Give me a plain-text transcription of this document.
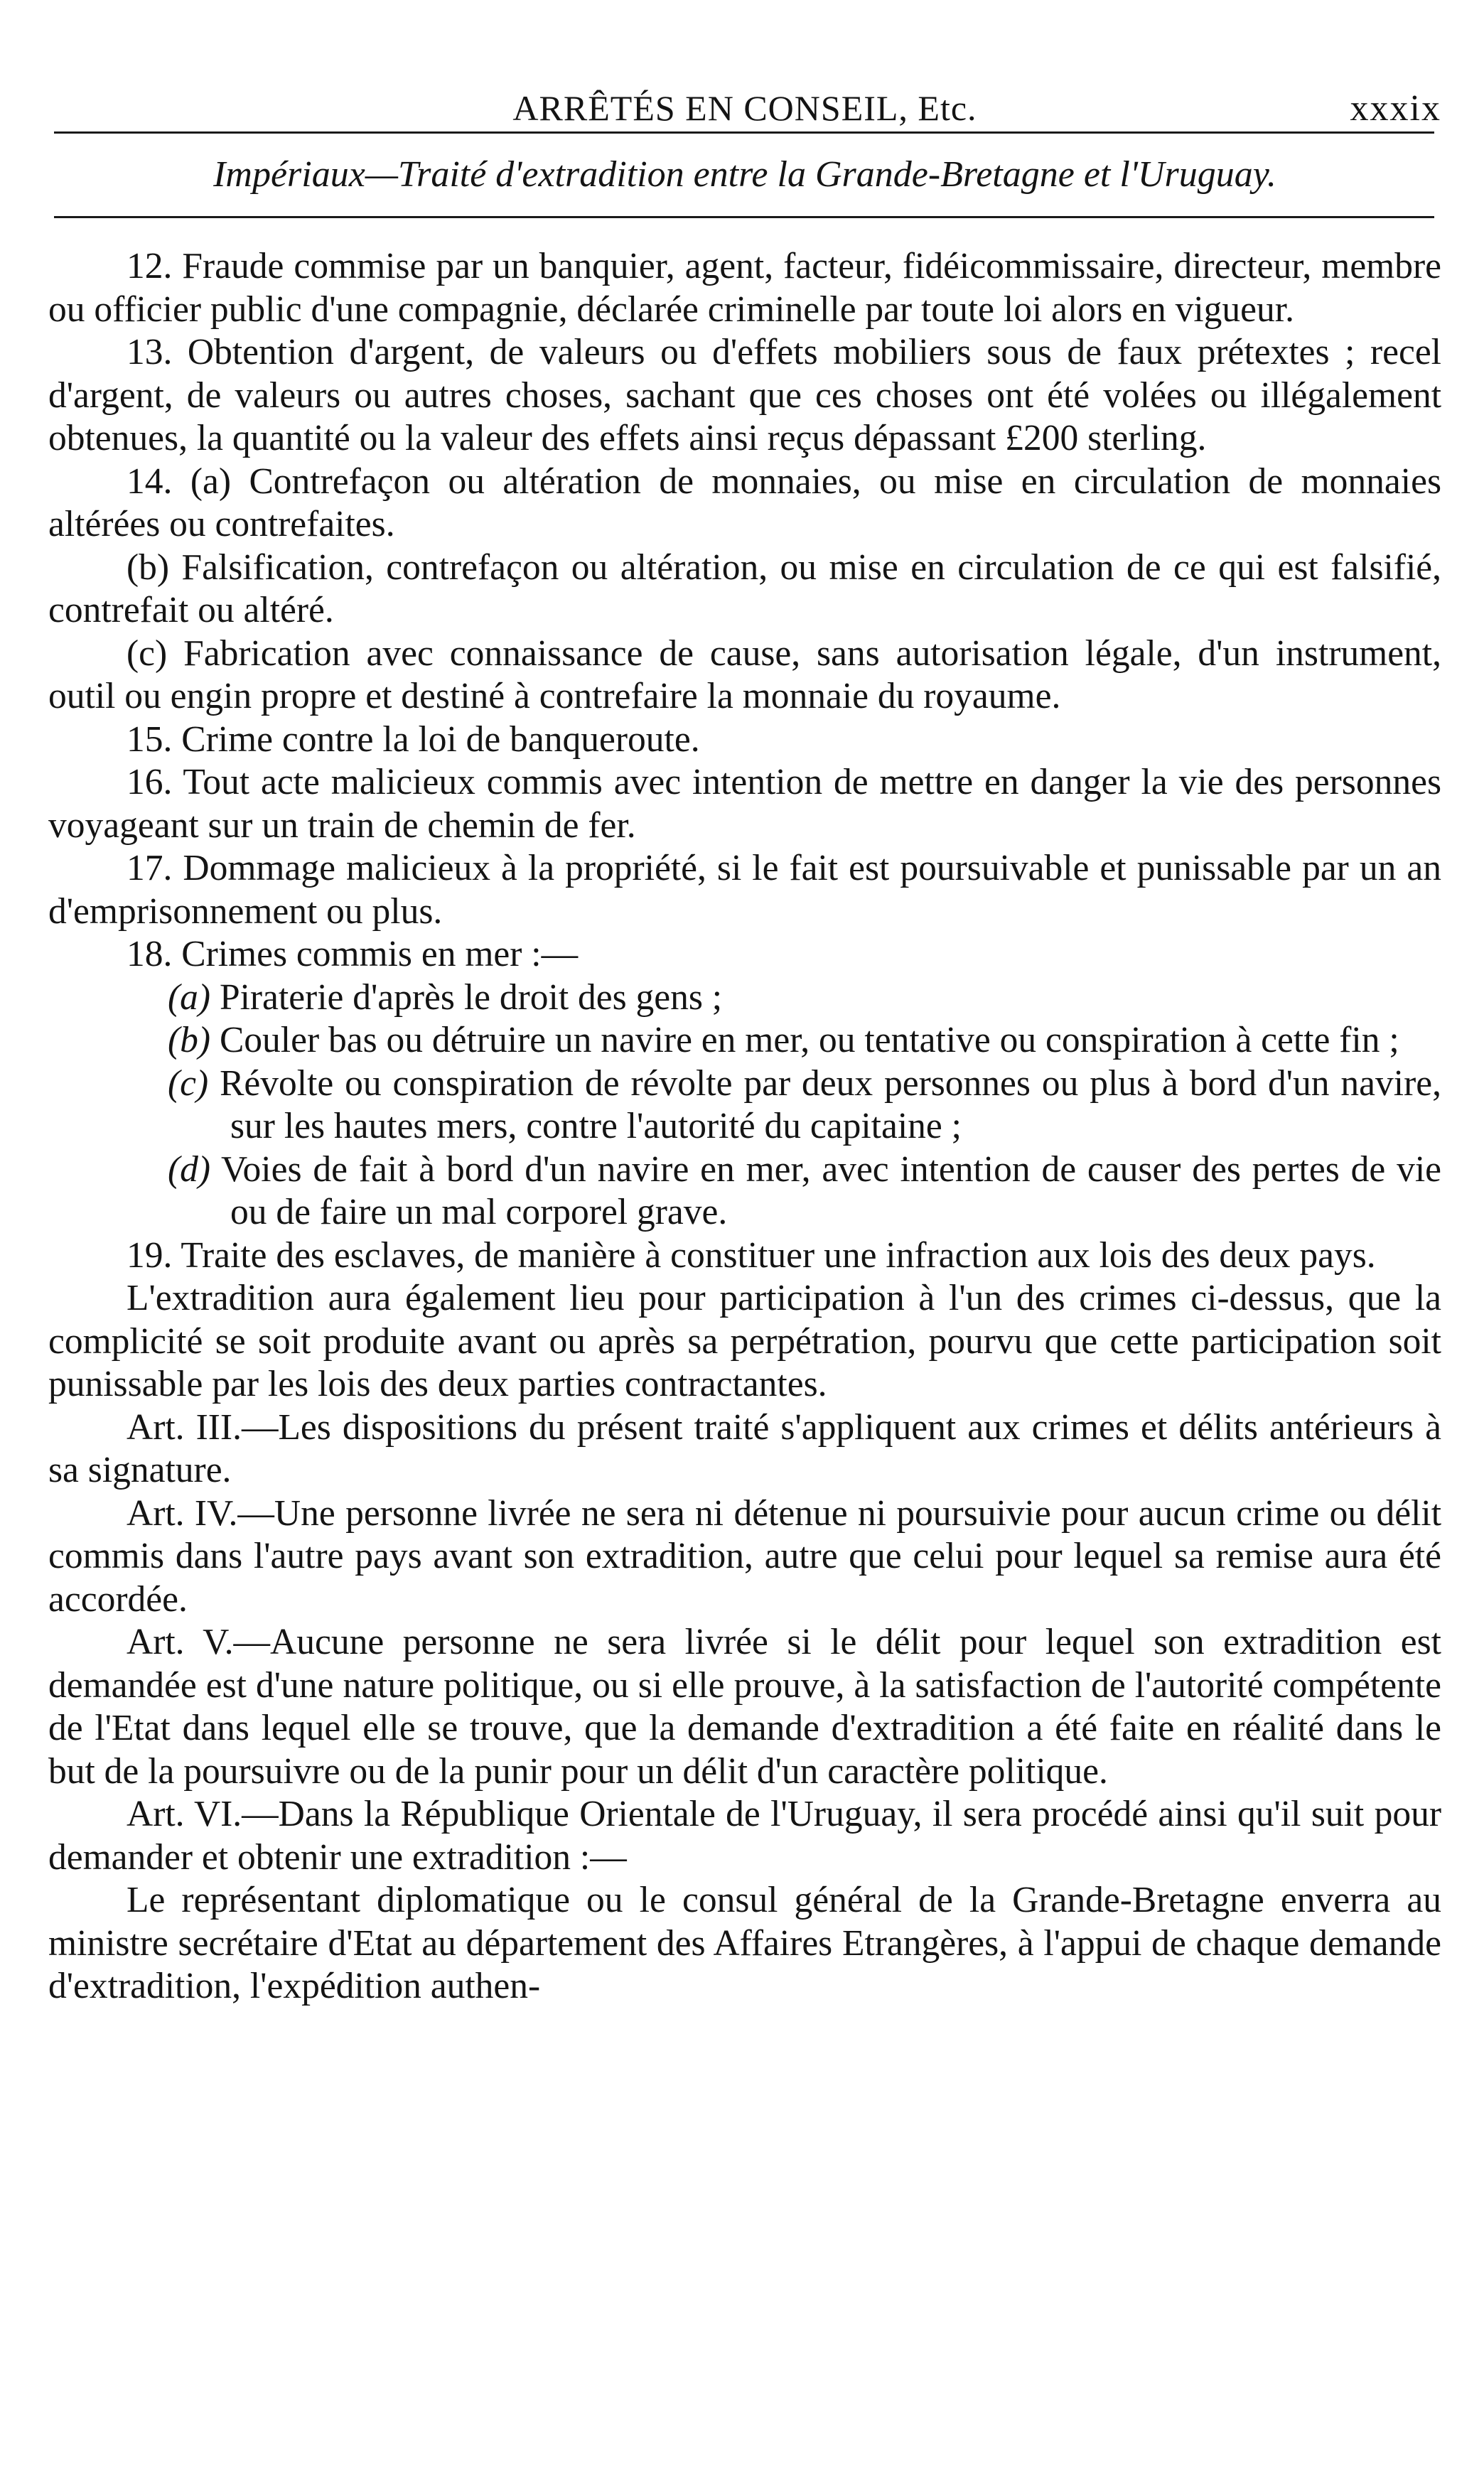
ARRÊTÉS EN CONSEIL, Etc.	xxxix
Impériaux—Traité d'extradition entre la Grande-Bretagne et l'Uruguay.

12. Fraude commise par un banquier, agent, facteur, fidéicommissaire, directeur, membre ou officier public d'une compagnie, déclarée criminelle par toute loi alors en vigueur.

13. Obtention d'argent, de valeurs ou d'effets mobiliers sous de faux prétextes ; recel d'argent, de valeurs ou autres choses, sachant que ces choses ont été volées ou illégalement obtenues, la quantité ou la valeur des effets ainsi reçus dépassant £200 sterling.

14. (a) Contrefaçon ou altération de monnaies, ou mise en circulation de monnaies altérées ou contrefaites.

(b) Falsification, contrefaçon ou altération, ou mise en circulation de ce qui est falsifié, contrefait ou altéré.

(c) Fabrication avec connaissance de cause, sans autorisation légale, d'un instrument, outil ou engin propre et destiné à contrefaire la monnaie du royaume.

15. Crime contre la loi de banqueroute.

16. Tout acte malicieux commis avec intention de mettre en danger la vie des personnes voyageant sur un train de chemin de fer.

17. Dommage malicieux à la propriété, si le fait est poursuivable et punissable par un an d'emprisonnement ou plus.

18. Crimes commis en mer :—

(a) Piraterie d'après le droit des gens ;

(b) Couler bas ou détruire un navire en mer, ou tentative ou conspiration à cette fin ;

(c) Révolte ou conspiration de révolte par deux personnes ou plus à bord d'un navire, sur les hautes mers, contre l'autorité du capitaine ;

(d) Voies de fait à bord d'un navire en mer, avec intention de causer des pertes de vie ou de faire un mal corporel grave.

19. Traite des esclaves, de manière à constituer une infraction aux lois des deux pays.

L'extradition aura également lieu pour participation à l'un des crimes ci-dessus, que la complicité se soit produite avant ou après sa perpétration, pourvu que cette participation soit punissable par les lois des deux parties contractantes.

Art. III.—Les dispositions du présent traité s'appliquent aux crimes et délits antérieurs à sa signature.

Art. IV.—Une personne livrée ne sera ni détenue ni poursuivie pour aucun crime ou délit commis dans l'autre pays avant son extradition, autre que celui pour lequel sa remise aura été accordée.

Art. V.—Aucune personne ne sera livrée si le délit pour lequel son extradition est demandée est d'une nature politique, ou si elle prouve, à la satisfaction de l'autorité compétente de l'Etat dans lequel elle se trouve, que la demande d'extradition a été faite en réalité dans le but de la poursuivre ou de la punir pour un délit d'un caractère politique.

Art. VI.—Dans la République Orientale de l'Uruguay, il sera procédé ainsi qu'il suit pour demander et obtenir une extradition :—

Le représentant diplomatique ou le consul général de la Grande-Bretagne enverra au ministre secrétaire d'Etat au département des Affaires Etrangères, à l'appui de chaque demande d'extradition, l'expédition authen-
